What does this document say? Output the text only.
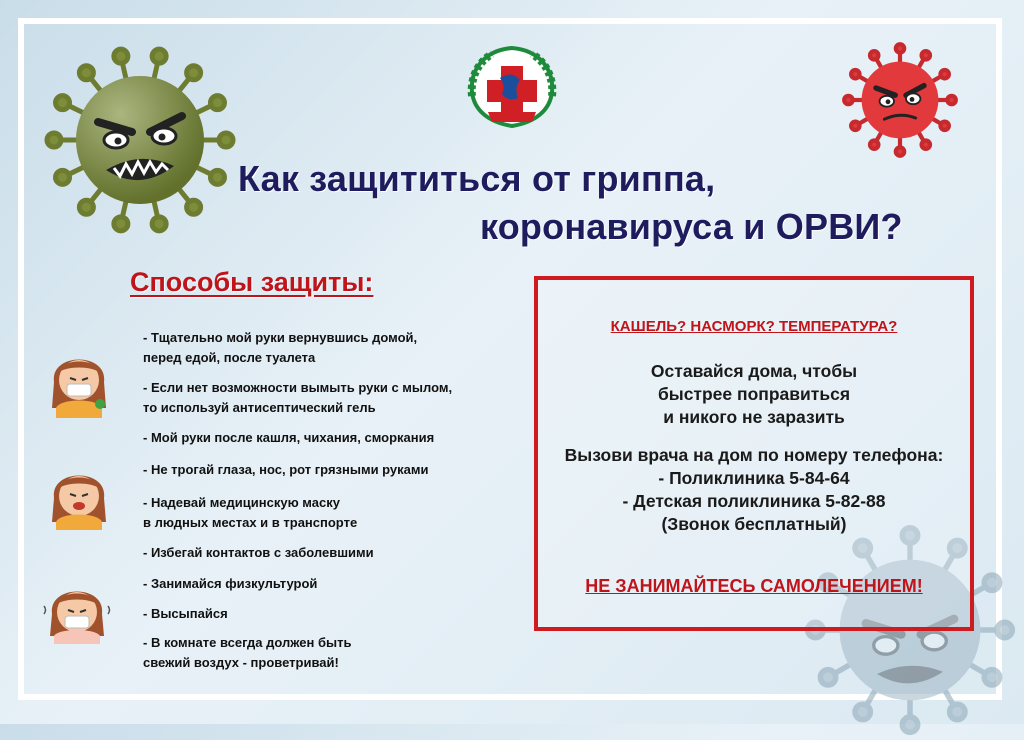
Как защититься от гриппа,
коронавируса и ОРВИ?
Способы защиты:
- Тщательно мой руки вернувшись домой,
перед едой, после туалета
- Если нет возможности вымыть руки с мылом,
то используй антисептический гель
- Мой руки после кашля, чихания, сморкания
- Не трогай глаза, нос, рот грязными руками
- Надевай медицинскую маску
в людных местах и в транспорте
- Избегай контактов с заболевшими
- Занимайся физкультурой
- Высыпайся
- В комнате всегда должен быть
свежий воздух - проветривай!
КАШЕЛЬ? НАСМОРК? ТЕМПЕРАТУРА?
Оставайся дома, чтобы
быстрее поправиться
и никого не заразить
Вызови врача на дом по номеру телефона:
- Поликлиника 5-84-64
- Детская поликлиника 5-82-88
(Звонок бесплатный)
НЕ ЗАНИМАЙТЕСЬ САМОЛЕЧЕНИЕМ!
